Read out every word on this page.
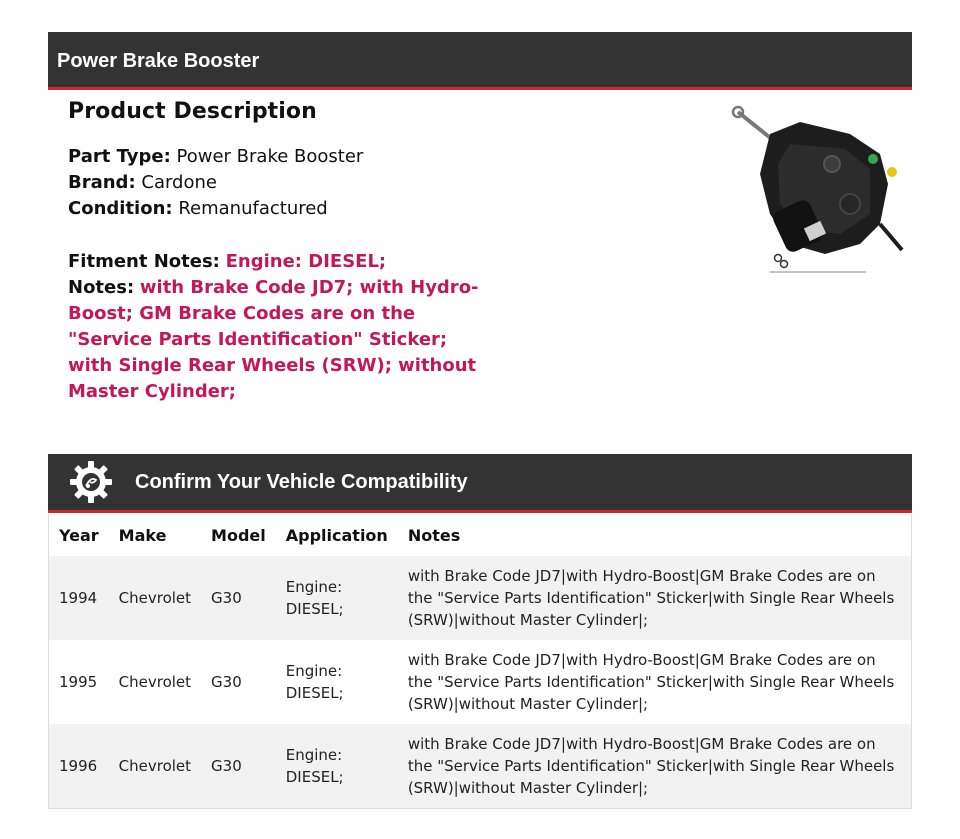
Power Brake Booster
Product Description
Part Type: Power Brake Booster
Brand: Cardone
Condition: Remanufactured
Fitment Notes: Engine: DIESEL;
Notes: with Brake Code JD7; with Hydro-Boost; GM Brake Codes are on the "Service Parts Identification" Sticker; with Single Rear Wheels (SRW); without Master Cylinder;
Confirm Your Vehicle Compatibility
Year	Make	Model	Application	Notes
1994	Chevrolet	G30	Engine: DIESEL;	with Brake Code JD7|with Hydro-Boost|GM Brake Codes are on the "Service Parts Identification" Sticker|with Single Rear Wheels (SRW)|without Master Cylinder|;
1995	Chevrolet	G30	Engine: DIESEL;	with Brake Code JD7|with Hydro-Boost|GM Brake Codes are on the "Service Parts Identification" Sticker|with Single Rear Wheels (SRW)|without Master Cylinder|;
1996	Chevrolet	G30	Engine: DIESEL;	with Brake Code JD7|with Hydro-Boost|GM Brake Codes are on the "Service Parts Identification" Sticker|with Single Rear Wheels (SRW)|without Master Cylinder|;
